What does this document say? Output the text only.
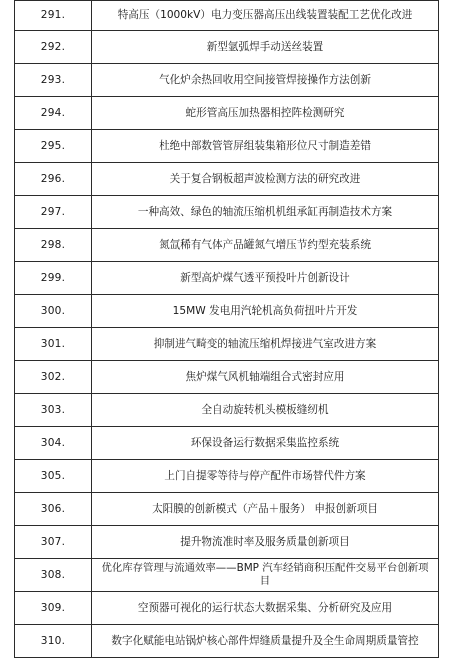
291.	特高压（1000kV）电力变压器高压出线装置装配工艺优化改进
292.	新型氩弧焊手动送丝装置
293.	气化炉余热回收用空间接管焊接操作方法创新
294.	蛇形管高压加热器相控阵检测研究
295.	杜绝中部数管管屏组装集箱形位尺寸制造差错
296.	关于复合钢板超声波检测方法的研究改进
297.	一种高效、绿色的轴流压缩机机组承缸再制造技术方案
298.	氮氙稀有气体产品罐氮气增压节约型充装系统
299.	新型高炉煤气透平预投叶片创新设计
300.	15MW 发电用汽轮机高负荷扭叶片开发
301.	抑制进气畸变的轴流压缩机焊接进气室改进方案
302.	焦炉煤气风机轴端组合式密封应用
303.	全自动旋转机头模板缝纫机
304.	环保设备运行数据采集监控系统
305.	上门自提零等待与停产配件市场替代件方案
306.	太阳膜的创新模式（产品＋服务） 申报创新项目
307.	提升物流准时率及服务质量创新项目
308.	优化库存管理与流通效率——BMP 汽车经销商积压配件交易平台创新项目
309.	空预器可视化的运行状态大数据采集、分析研究及应用
310.	数字化赋能电站锅炉核心部件焊缝质量提升及全生命周期质量管控
